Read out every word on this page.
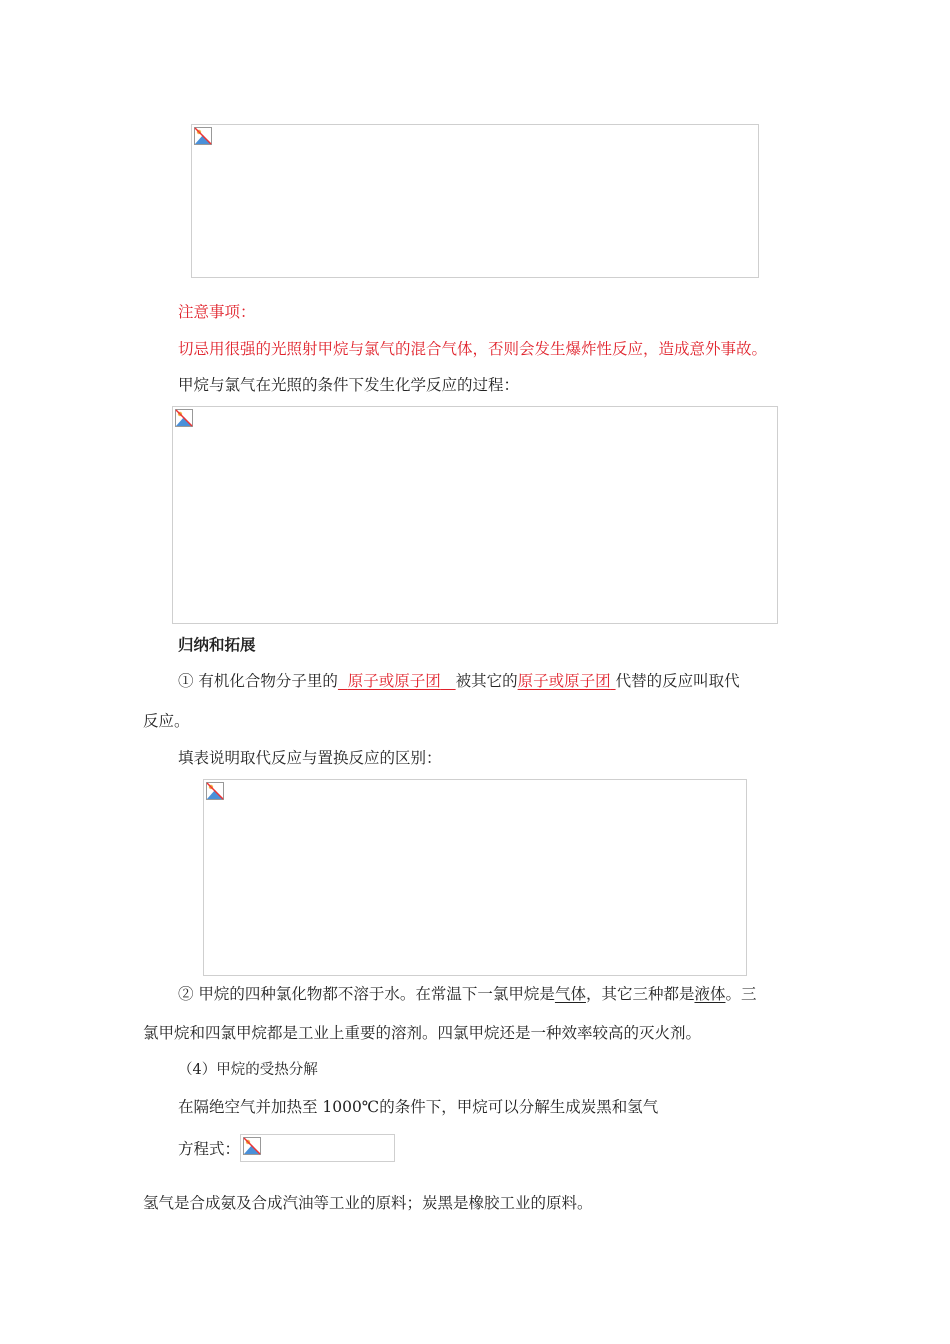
注意事项：
切忌用很强的光照射甲烷与氯气的混合气体，否则会发生爆炸性反应，造成意外事故。
甲烷与氯气在光照的条件下发生化学反应的过程：
归纳和拓展
① 有机化合物分子里的 原子或原子团 被其它的原子或原子团 代替的反应叫取代
反应。
填表说明取代反应与置换反应的区别：
② 甲烷的四种氯化物都不溶于水。在常温下一氯甲烷是气体，其它三种都是液体。三
氯甲烷和四氯甲烷都是工业上重要的溶剂。四氯甲烷还是一种效率较高的灭火剂。
（4）甲烷的受热分解
在隔绝空气并加热至 1000℃的条件下，甲烷可以分解生成炭黑和氢气
方程式：
氢气是合成氨及合成汽油等工业的原料；炭黑是橡胶工业的原料。
